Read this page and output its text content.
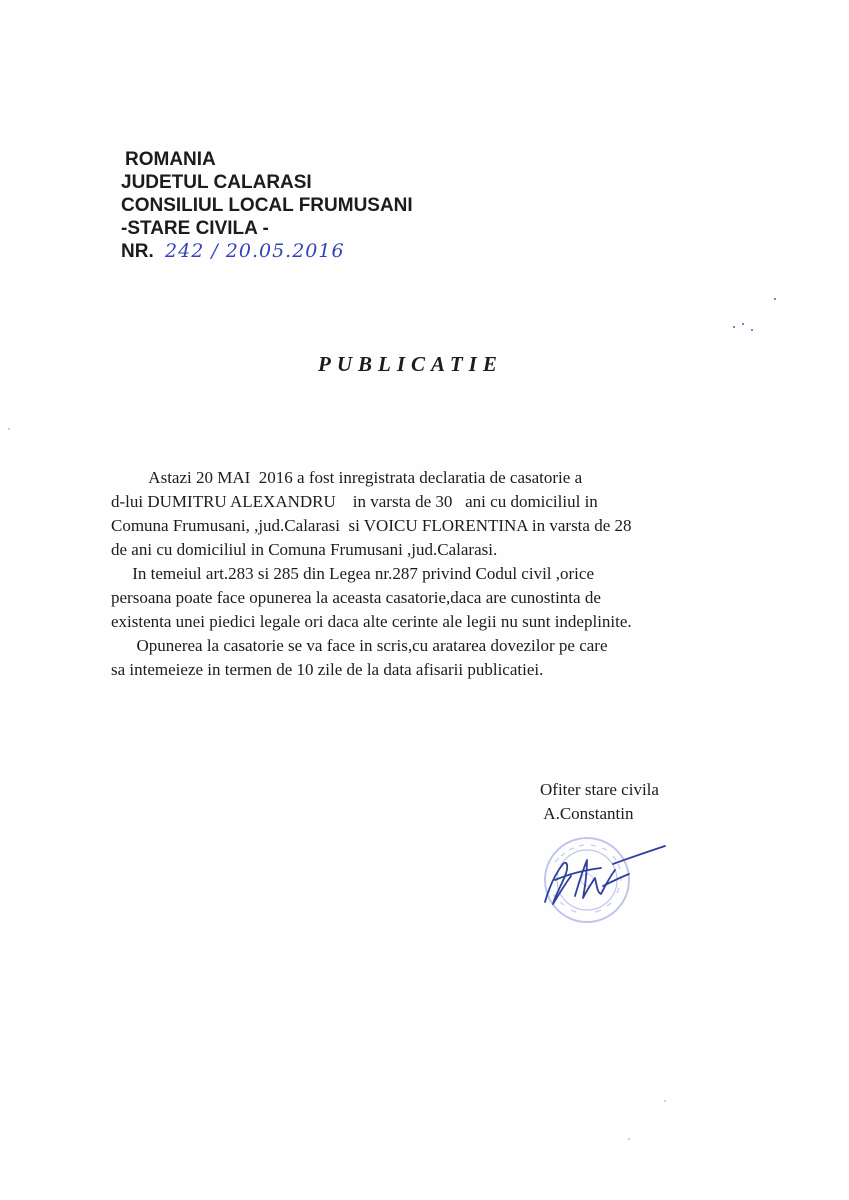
ROMANIA
JUDETUL CALARASI
CONSILIUL LOCAL FRUMUSANI
-STARE CIVILA -
NR. 242 / 20.05.2016
PUBLICATIE
Astazi 20 MAI  2016 a fost inregistrata declaratia de casatorie a
d-lui DUMITRU ALEXANDRU    in varsta de 30   ani cu domiciliul in
Comuna Frumusani, ,jud.Calarasi  si VOICU FLORENTINA in varsta de 28
de ani cu domiciliul in Comuna Frumusani ,jud.Calarasi.
In temeiul art.283 si 285 din Legea nr.287 privind Codul civil ,orice
persoana poate face opunerea la aceasta casatorie,daca are cunostinta de
existenta unei piedici legale ori daca alte cerinte ale legii nu sunt indeplinite.
Opunerea la casatorie se va face in scris,cu aratarea dovezilor pe care
sa intemeieze in termen de 10 zile de la data afisarii publicatiei.
Ofiter stare civila
A.Constantin
